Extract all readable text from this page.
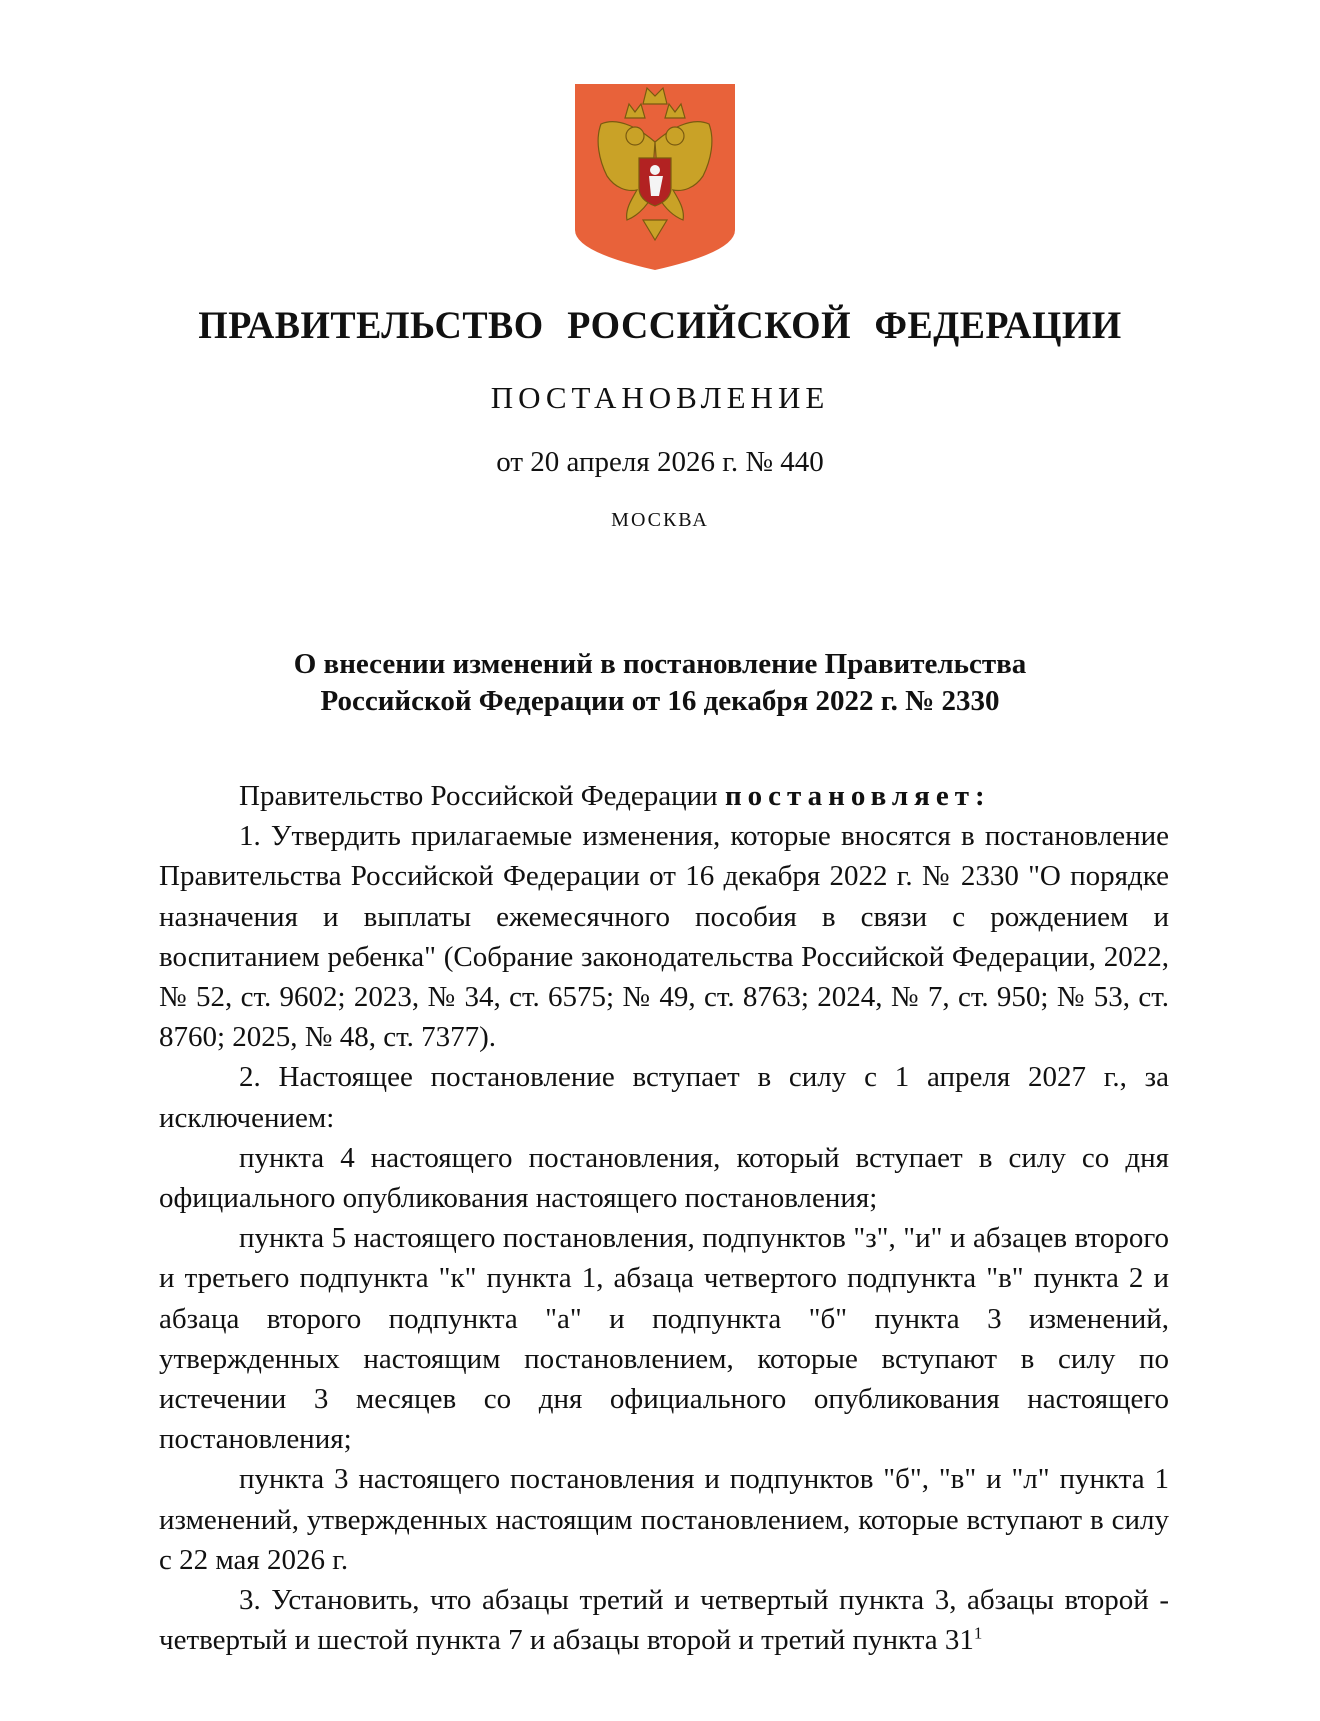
ПРАВИТЕЛЬСТВО РОССИЙСКОЙ ФЕДЕРАЦИИ
ПОСТАНОВЛЕНИЕ
от 20 апреля 2026 г. № 440
МОСКВА
О внесении изменений в постановление Правительства
Российской Федерации от 16 декабря 2022 г. № 2330

Правительство Российской Федерации постановляет:

1. Утвердить прилагаемые изменения, которые вносятся в постановление Правительства Российской Федерации от 16 декабря 2022 г. № 2330 "О порядке назначения и выплаты ежемесячного пособия в связи с рождением и воспитанием ребенка" (Собрание законодательства Российской Федерации, 2022, № 52, ст. 9602; 2023, № 34, ст. 6575; № 49, ст. 8763; 2024, № 7, ст. 950; № 53, ст. 8760; 2025, № 48, ст. 7377).

2. Настоящее постановление вступает в силу с 1 апреля 2027 г., за исключением:

пункта 4 настоящего постановления, который вступает в силу со дня официального опубликования настоящего постановления;

пункта 5 настоящего постановления, подпунктов "з", "и" и абзацев второго и третьего подпункта "к" пункта 1, абзаца четвертого подпункта "в" пункта 2 и абзаца второго подпункта "а" и подпункта "б" пункта 3 изменений, утвержденных настоящим постановлением, которые вступают в силу по истечении 3 месяцев со дня официального опубликования настоящего постановления;

пункта 3 настоящего постановления и подпунктов "б", "в" и "л" пункта 1 изменений, утвержденных настоящим постановлением, которые вступают в силу с 22 мая 2026 г.

3. Установить, что абзацы третий и четвертый пункта 3, абзацы второй - четвертый и шестой пункта 7 и абзацы второй и третий пункта 31$^1$
